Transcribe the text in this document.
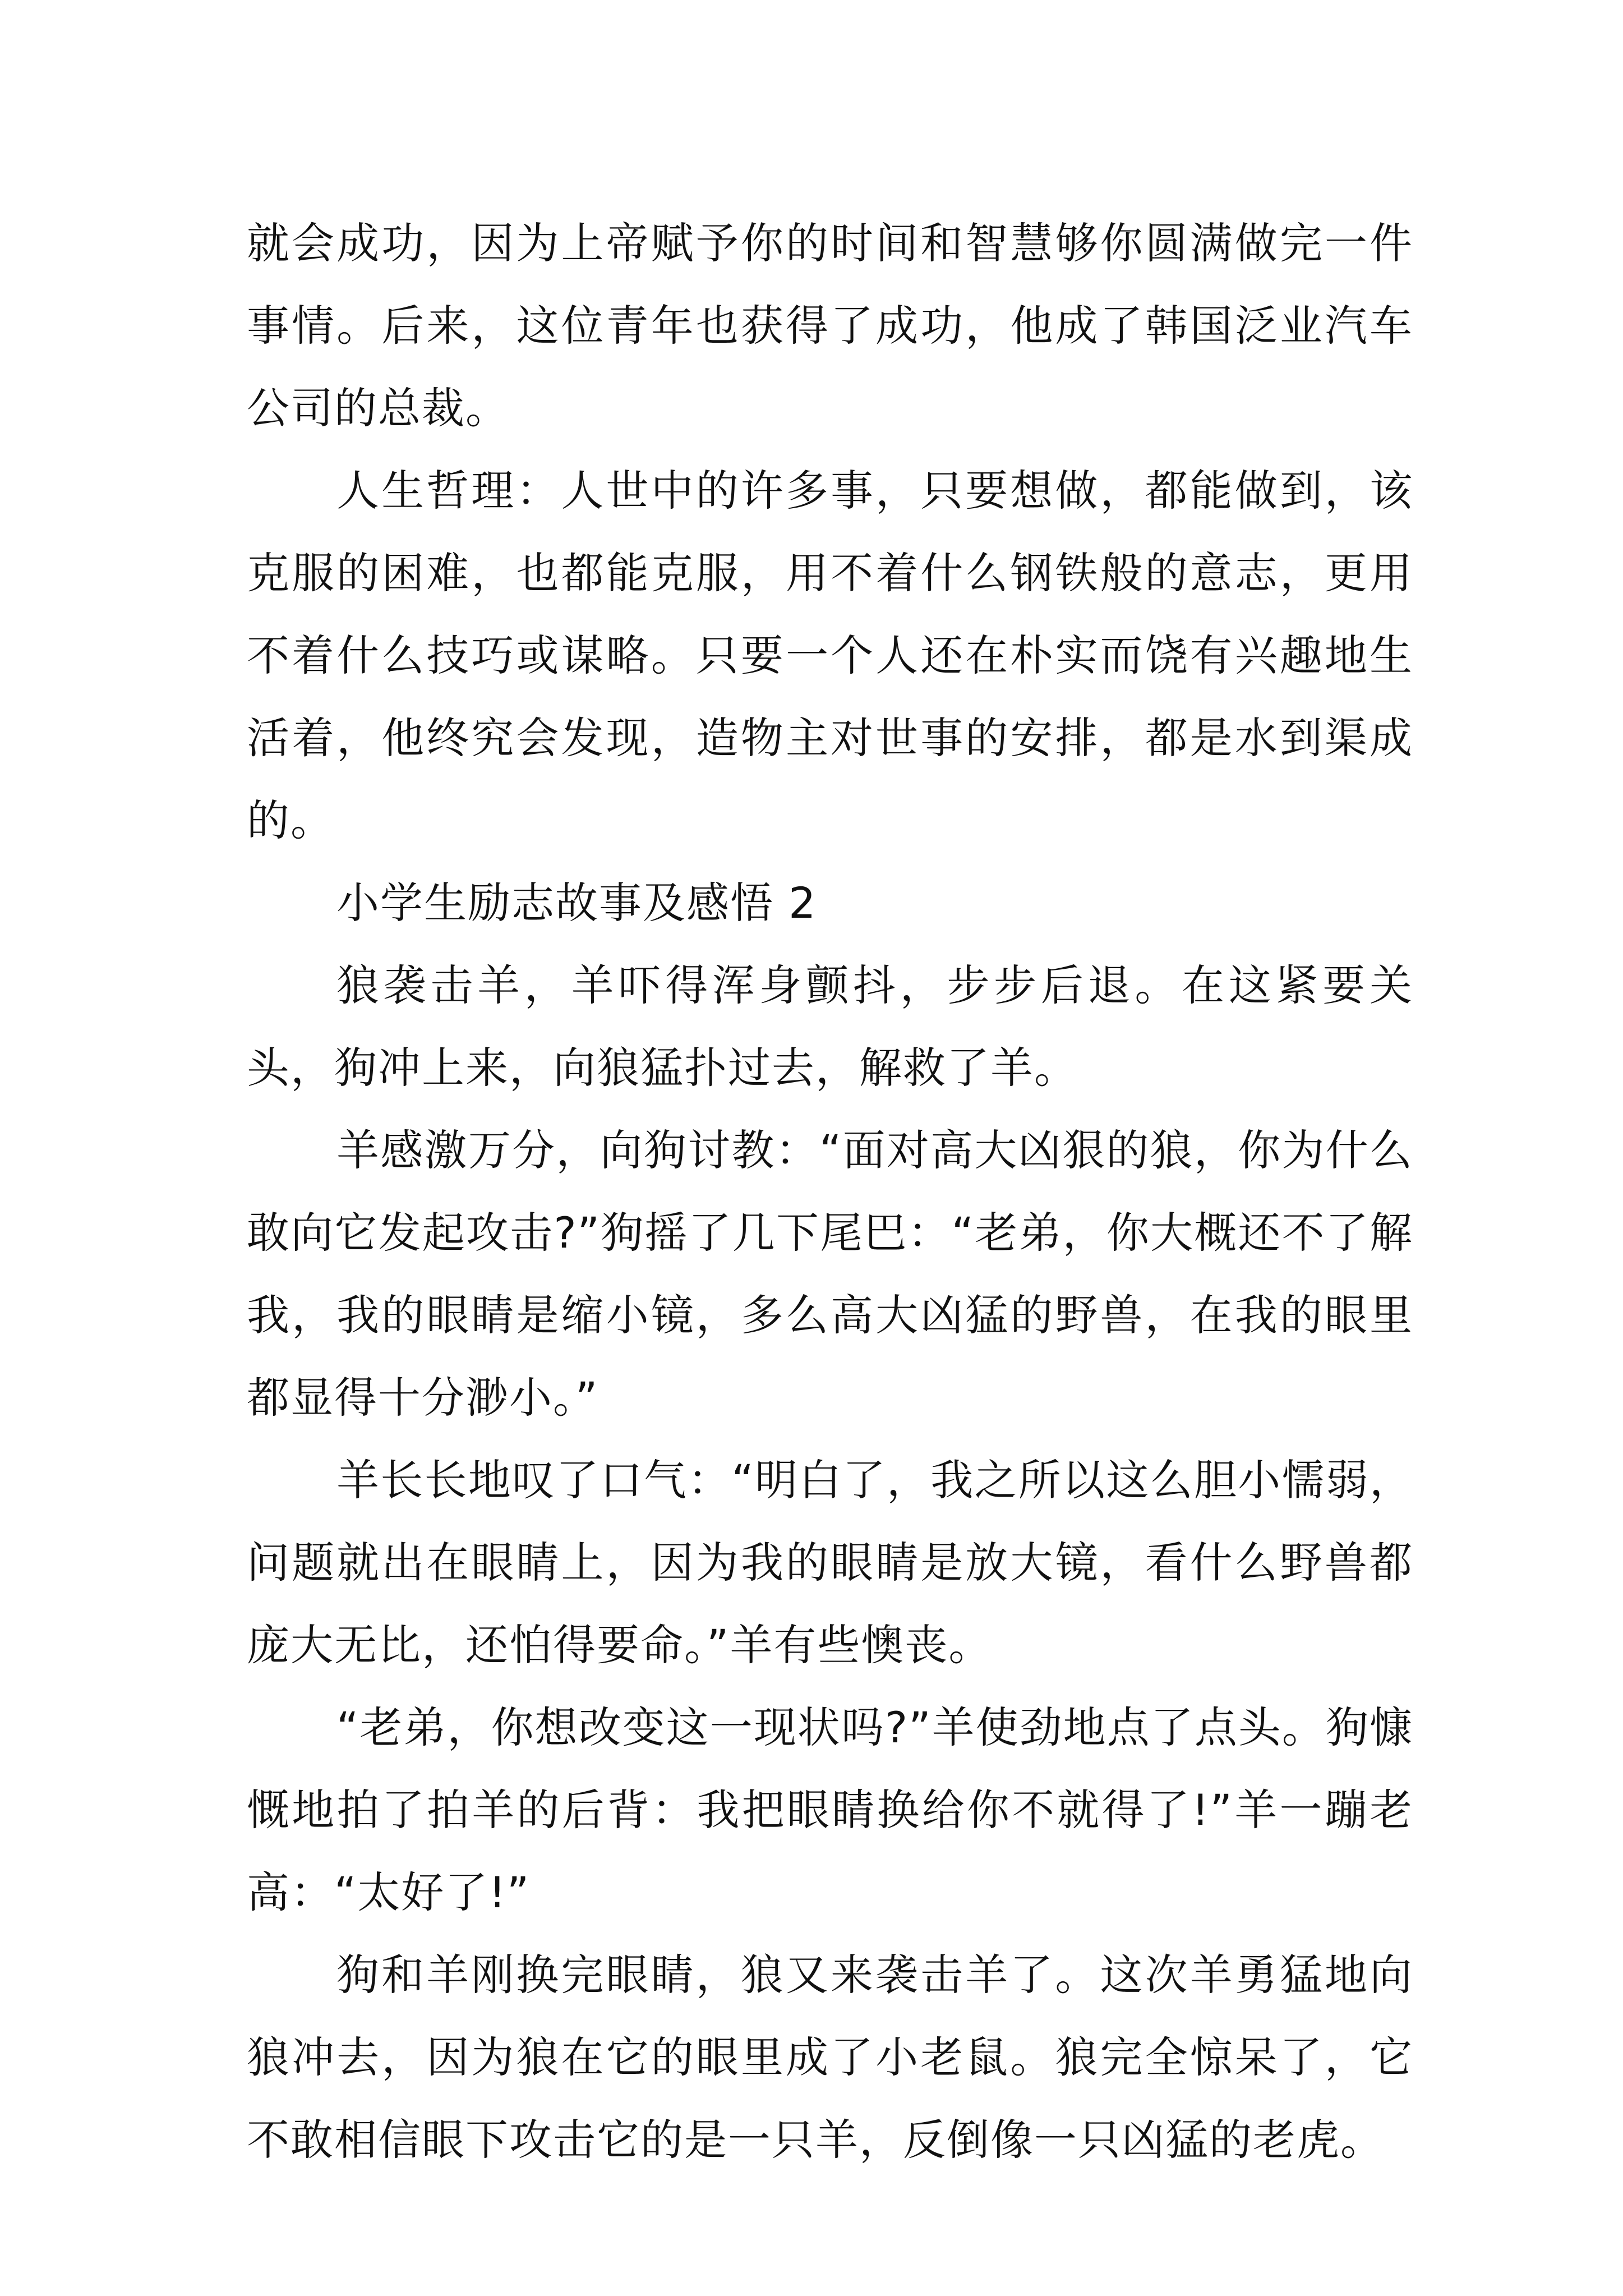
就会成功，因为上帝赋予你的时间和智慧够你圆满做完一件事情。后来，这位青年也获得了成功，他成了韩国泛业汽车公司的总裁。

人生哲理：人世中的许多事，只要想做，都能做到，该克服的困难，也都能克服，用不着什么钢铁般的意志，更用不着什么技巧或谋略。只要一个人还在朴实而饶有兴趣地生活着，他终究会发现，造物主对世事的安排，都是水到渠成的。

小学生励志故事及感悟 2

狼袭击羊，羊吓得浑身颤抖，步步后退。在这紧要关头，狗冲上来，向狼猛扑过去，解救了羊。

羊感激万分，向狗讨教：“面对高大凶狠的狼，你为什么敢向它发起攻击?”狗摇了几下尾巴：“老弟，你大概还不了解我，我的眼睛是缩小镜，多么高大凶猛的野兽，在我的眼里都显得十分渺小。”

羊长长地叹了口气：“明白了，我之所以这么胆小懦弱，问题就出在眼睛上，因为我的眼睛是放大镜，看什么野兽都庞大无比，还怕得要命。”羊有些懊丧。

“老弟，你想改变这一现状吗?”羊使劲地点了点头。狗慷慨地拍了拍羊的后背：我把眼睛换给你不就得了!”羊一蹦老高：“太好了!”

狗和羊刚换完眼睛，狼又来袭击羊了。这次羊勇猛地向狼冲去，因为狼在它的眼里成了小老鼠。狼完全惊呆了，它不敢相信眼下攻击它的是一只羊，反倒像一只凶猛的老虎。
